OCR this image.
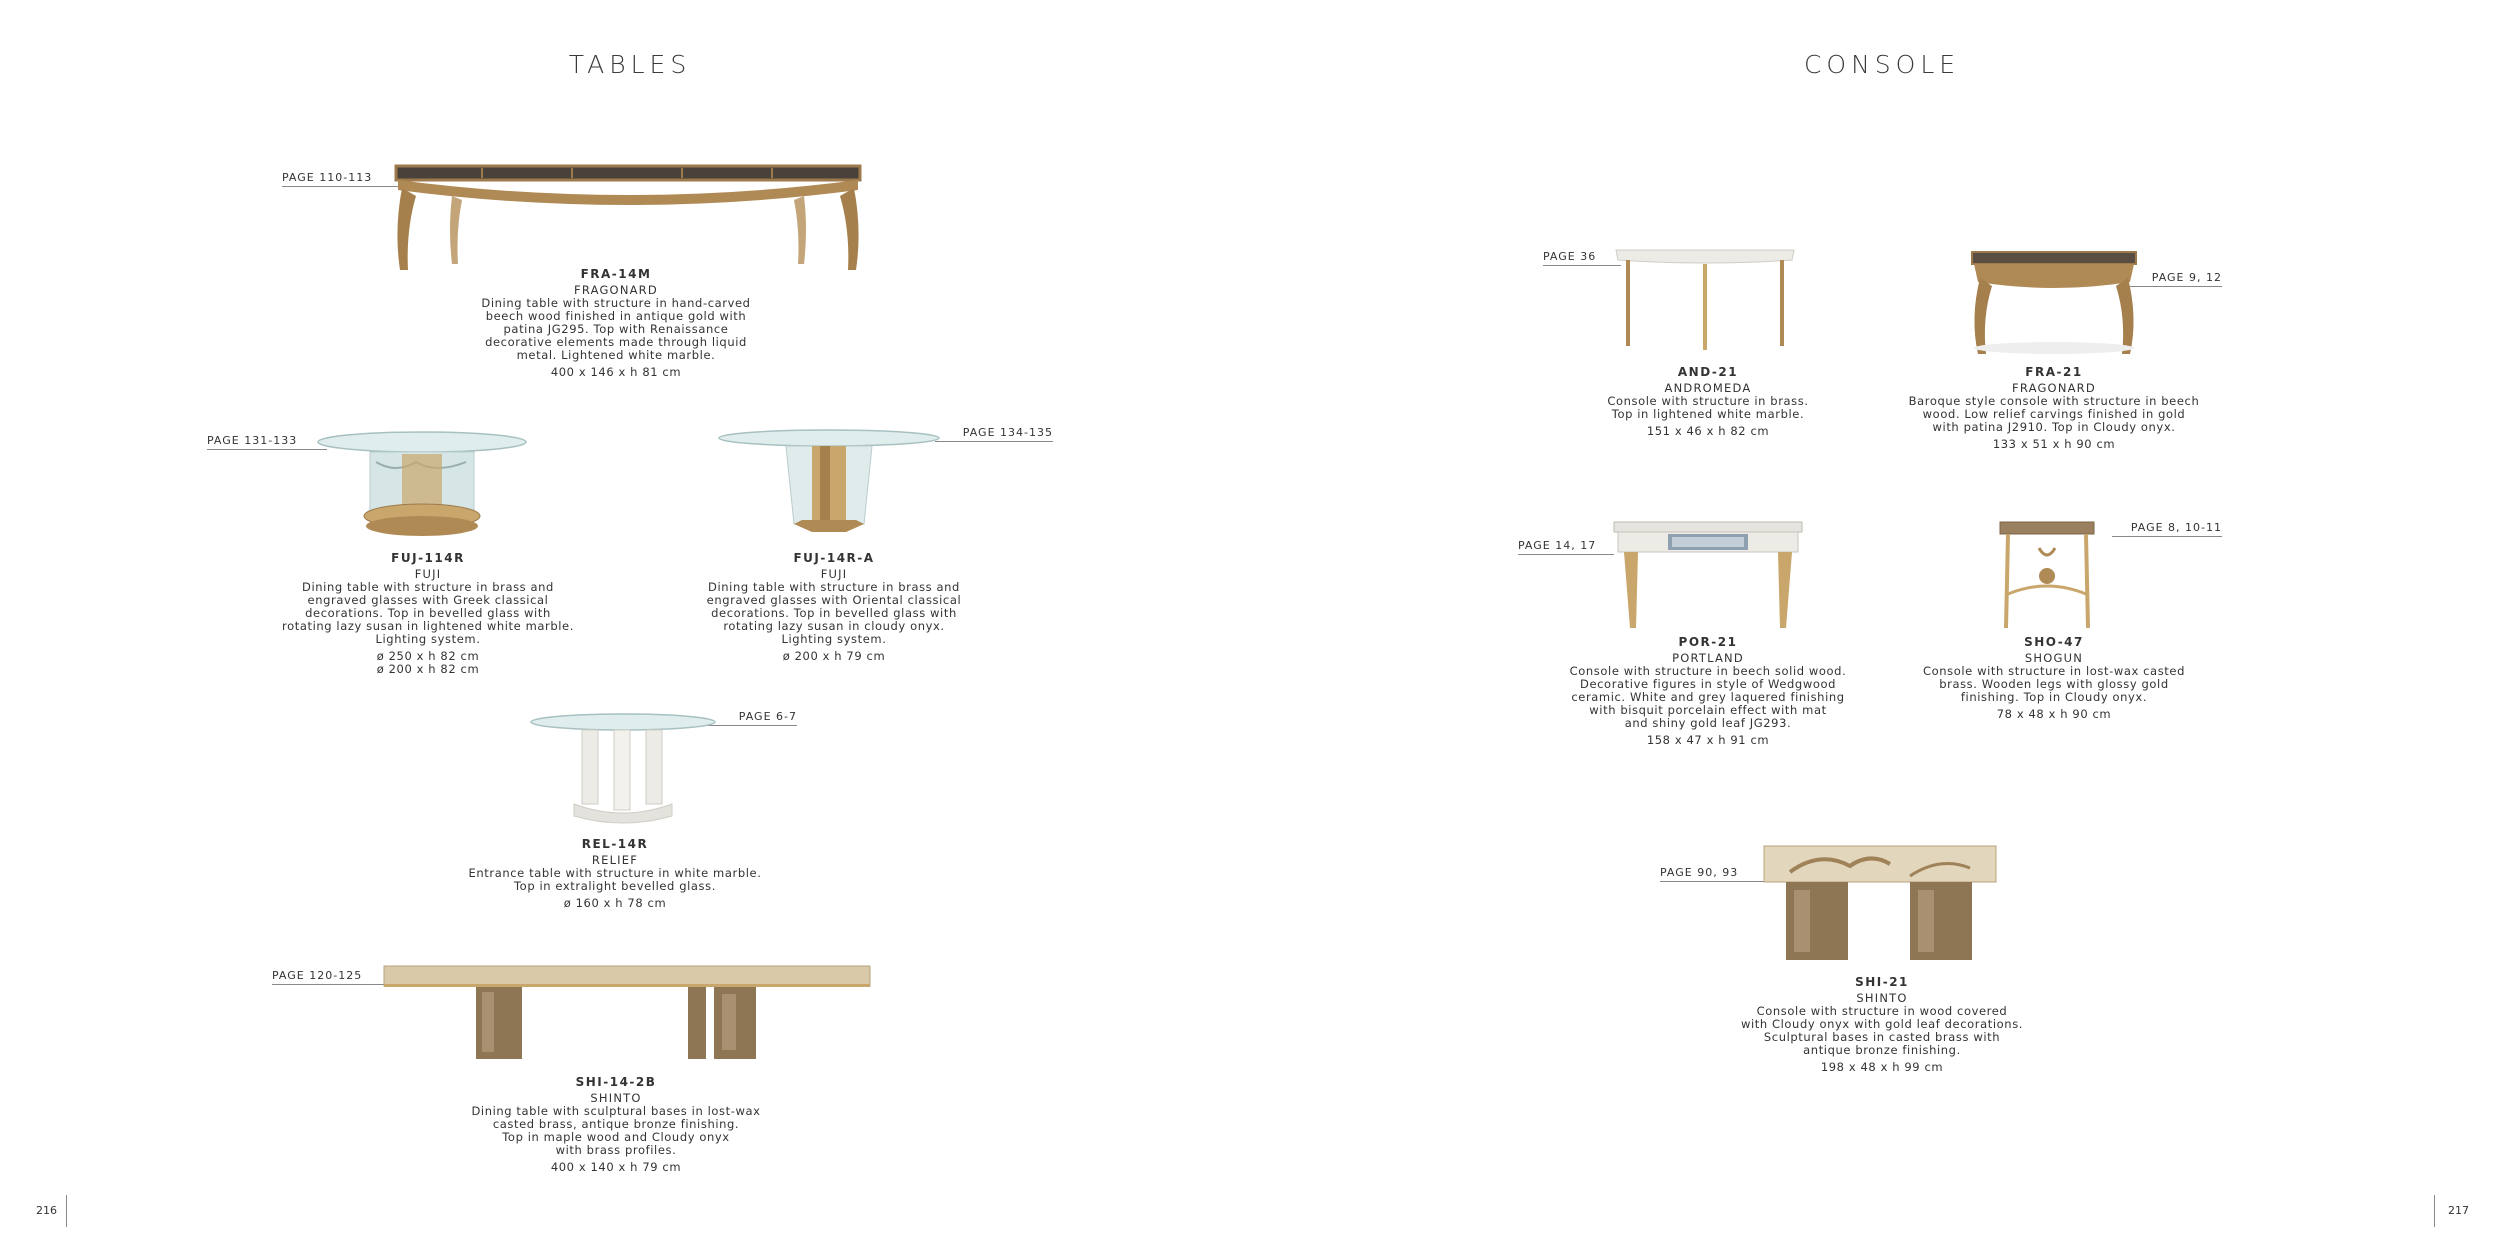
TABLES	CONSOLE
PAGE 110-113
FRA-14M
FRAGONARD
Dining table with structure in hand-carved
beech wood finished in antique gold with
patina JG295. Top with Renaissance
decorative elements made through liquid
metal. Lightened white marble.
400 x 146 x h 81 cm
PAGE 131-133
FUJ-114R
FUJI
Dining table with structure in brass and
engraved glasses with Greek classical
decorations. Top in bevelled glass with
rotating lazy susan in lightened white marble.
Lighting system.
ø 250 x h 82 cm
ø 200 x h 82 cm
PAGE 134-135
FUJ-14R-A
FUJI
Dining table with structure in brass and
engraved glasses with Oriental classical
decorations. Top in bevelled glass with
rotating lazy susan in cloudy onyx.
Lighting system.
ø 200 x h 79 cm
PAGE 6-7
REL-14R
RELIEF
Entrance table with structure in white marble.
Top in extralight bevelled glass.
ø 160 x h 78 cm
PAGE 120-125
SHI-14-2B
SHINTO
Dining table with sculptural bases in lost-wax
casted brass, antique bronze finishing.
Top in maple wood and Cloudy onyx
with brass profiles.
400 x 140 x h 79 cm
PAGE 36
AND-21
ANDROMEDA
Console with structure in brass.
Top in lightened white marble.
151 x 46 x h 82 cm
PAGE 9, 12
FRA-21
FRAGONARD
Baroque style console with structure in beech
wood. Low relief carvings finished in gold
with patina J2910. Top in Cloudy onyx.
133 x 51 x h 90 cm
PAGE 14, 17
POR-21
PORTLAND
Console with structure in beech solid wood.
Decorative figures in style of Wedgwood
ceramic. White and grey laquered finishing
with bisquit porcelain effect with mat
and shiny gold leaf JG293.
158 x 47 x h 91 cm
PAGE 8, 10-11
SHO-47
SHOGUN
Console with structure in lost-wax casted
brass. Wooden legs with glossy gold
finishing. Top in Cloudy onyx.
78 x 48 x h 90 cm
PAGE 90, 93
SHI-21
SHINTO
Console with structure in wood covered
with Cloudy onyx with gold leaf decorations.
Sculptural bases in casted brass with
antique bronze finishing.
198 x 48 x h 99 cm
216	217
